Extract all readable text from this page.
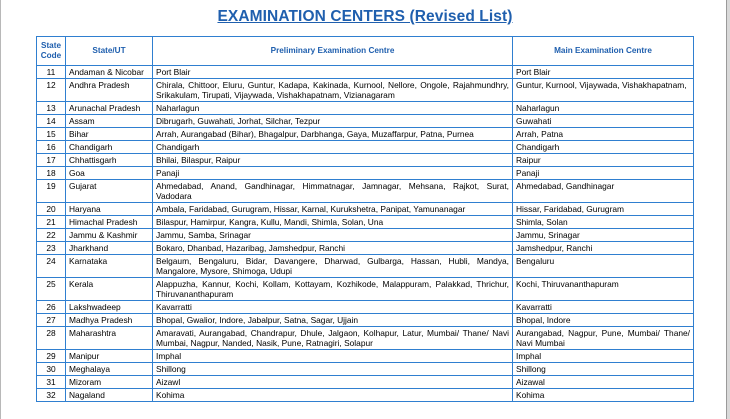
EXAMINATION CENTERS (Revised List)
State Code	State/UT	Preliminary Examination Centre	Main Examination Centre
11	Andaman & Nicobar	Port Blair	Port Blair
12	Andhra Pradesh	Chirala, Chittoor, Eluru, Guntur, Kadapa, Kakinada, Kurnool, Nellore, Ongole, Rajahmundhry, Srikakulam, Tirupati, Vijaywada, Vishakhapatnam, Vizianagaram	Guntur, Kurnool, Vijaywada, Vishakhapatnam,
13	Arunachal Pradesh	Naharlagun	Naharlagun
14	Assam	Dibrugarh, Guwahati, Jorhat, Silchar, Tezpur	Guwahati
15	Bihar	Arrah, Aurangabad (Bihar), Bhagalpur, Darbhanga, Gaya, Muzaffarpur, Patna, Purnea	Arrah, Patna
16	Chandigarh	Chandigarh	Chandigarh
17	Chhattisgarh	Bhilai, Bilaspur, Raipur	Raipur
18	Goa	Panaji	Panaji
19	Gujarat	Ahmedabad, Anand, Gandhinagar, Himmatnagar, Jamnagar, Mehsana, Rajkot, Surat, Vadodara	Ahmedabad, Gandhinagar
20	Haryana	Ambala, Faridabad, Gurugram, Hissar, Karnal, Kurukshetra, Panipat, Yamunanagar	Hissar, Faridabad, Gurugram
21	Himachal Pradesh	Bilaspur, Hamirpur, Kangra, Kullu, Mandi, Shimla, Solan, Una	Shimla, Solan
22	Jammu & Kashmir	Jammu, Samba, Srinagar	Jammu, Srinagar
23	Jharkhand	Bokaro, Dhanbad, Hazaribag, Jamshedpur, Ranchi	Jamshedpur, Ranchi
24	Karnataka	Belgaum, Bengaluru, Bidar, Davangere, Dharwad, Gulbarga, Hassan, Hubli, Mandya, Mangalore, Mysore, Shimoga, Udupi	Bengaluru
25	Kerala	Alappuzha, Kannur, Kochi, Kollam, Kottayam, Kozhikode, Malappuram, Palakkad, Thrichur, Thiruvananthapuram	Kochi, Thiruvananthapuram
26	Lakshwadeep	Kavarratti	Kavarratti
27	Madhya Pradesh	Bhopal, Gwalior, Indore, Jabalpur, Satna, Sagar, Ujjain	Bhopal, Indore
28	Maharashtra	Amaravati, Aurangabad, Chandrapur, Dhule, Jalgaon, Kolhapur, Latur, Mumbai/ Thane/ Navi Mumbai, Nagpur, Nanded, Nasik, Pune, Ratnagiri, Solapur	Aurangabad, Nagpur, Pune, Mumbai/ Thane/ Navi Mumbai
29	Manipur	Imphal	Imphal
30	Meghalaya	Shillong	Shillong
31	Mizoram	Aizawl	Aizawal
32	Nagaland	Kohima	Kohima
